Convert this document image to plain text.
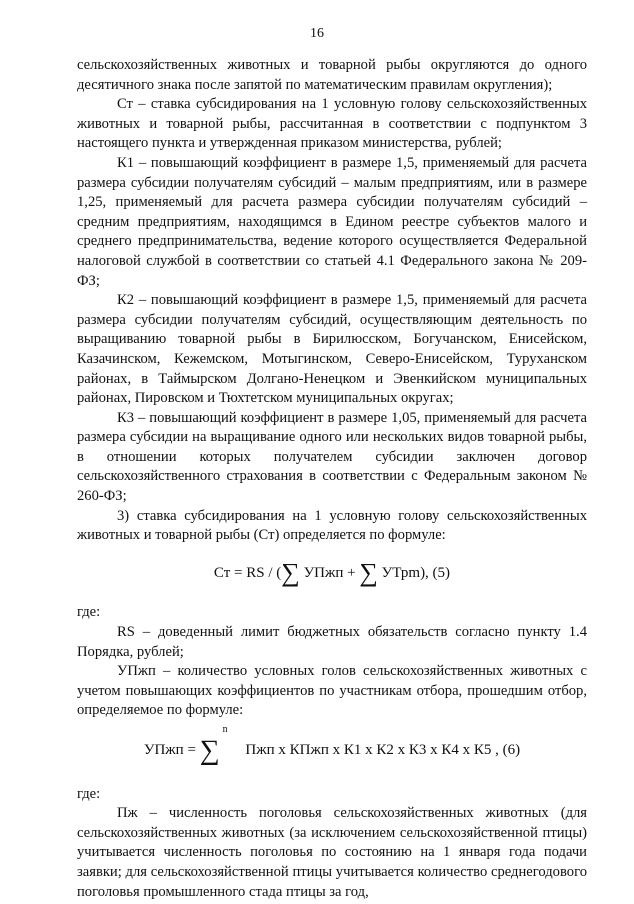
16

сельскохозяйственных животных и товарной рыбы округляются до одного десятичного знака после запятой по математическим правилам округления);

Ст – ставка субсидирования на 1 условную голову сельскохозяйственных животных и товарной рыбы, рассчитанная в соответствии с подпунктом 3 настоящего пункта и утвержденная приказом министерства, рублей;

К1 – повышающий коэффициент в размере 1,5, применяемый для расчета размера субсидии получателям субсидий – малым предприятиям, или в размере 1,25, применяемый для расчета размера субсидии получателям субсидий – средним предприятиям, находящимся в Едином реестре субъектов малого и среднего предпринимательства, ведение которого осуществляется Федеральной налоговой службой в соответствии со статьей 4.1 Федерального закона № 209-ФЗ;

К2 – повышающий коэффициент в размере 1,5, применяемый для расчета размера субсидии получателям субсидий, осуществляющим деятельность по выращиванию товарной рыбы в Бирилюсском, Богучанском, Енисейском, Казачинском, Кежемском, Мотыгинском, Северо-Енисейском, Туруханском районах, в Таймырском Долгано-Ненецком и Эвенкийском муниципальных районах, Пировском и Тюхтетском муниципальных округах;

К3 – повышающий коэффициент в размере 1,05, применяемый для расчета размера субсидии на выращивание одного или нескольких видов товарной рыбы, в отношении которых получателем субсидии заключен договор сельскохозяйственного страхования в соответствии с Федеральным законом № 260-ФЗ;

3) ставка субсидирования на 1 условную голову сельскохозяйственных животных и товарной рыбы (Ст) определяется по формуле:

Ст = RS / (∑ УПжп + ∑ УТрm), (5)

где:

RS – доведенный лимит бюджетных обязательств согласно пункту 1.4 Порядка, рублей;

УПжп – количество условных голов сельскохозяйственных животных с учетом повышающих коэффициентов по участникам отбора, прошедшим отбор, определяемое по формуле:

УПжп = ∑
n
Пжп х КПжп х К1 х К2 х К3 х К4 х К5 , (6)

где:

Пж – численность поголовья сельскохозяйственных животных (для сельскохозяйственных животных (за исключением сельскохозяйственной птицы) учитывается численность поголовья по состоянию на 1 января года подачи заявки; для сельскохозяйственной птицы учитывается количество среднегодового поголовья промышленного стада птицы за год,
